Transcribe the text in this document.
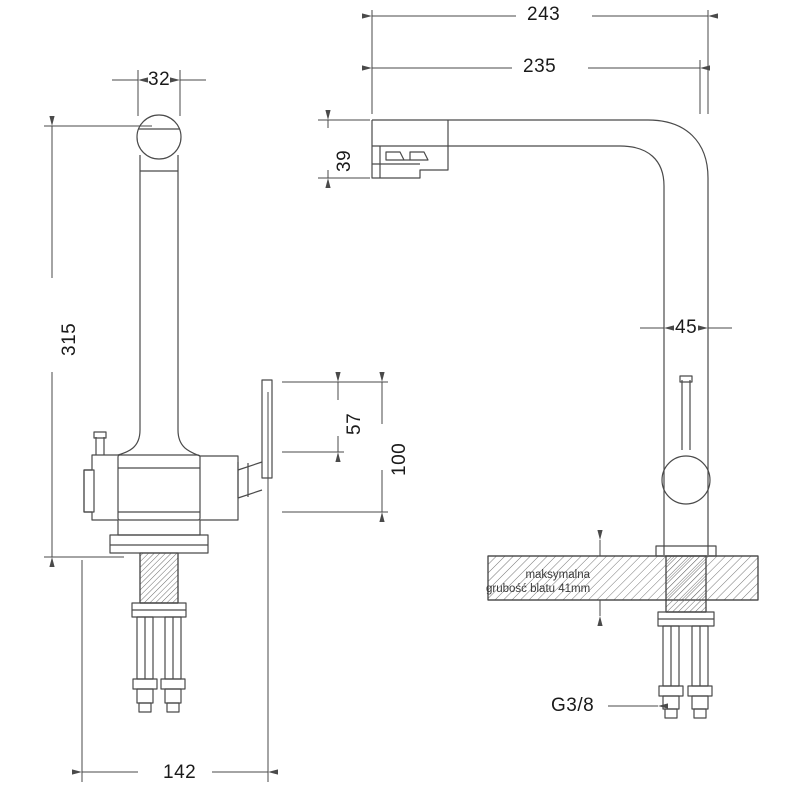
243
235
32
39
315
57
100
45
142
maksymalna
grubość blatu 41mm
G3/8
